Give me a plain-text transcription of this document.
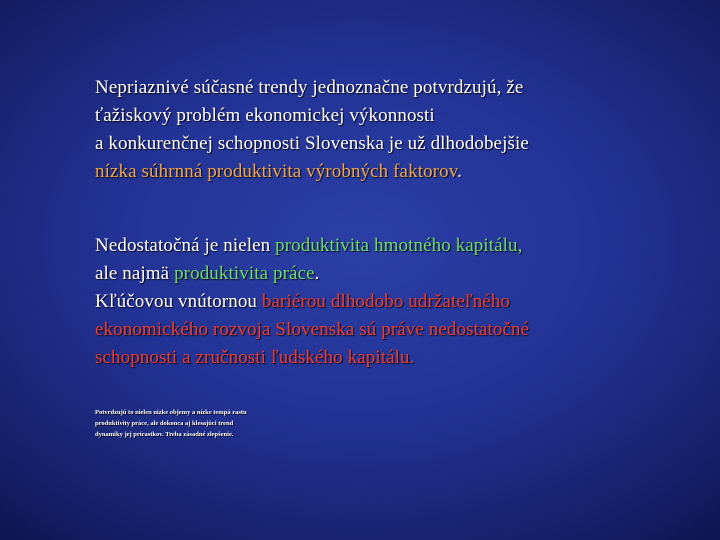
Nepriaznivé súčasné trendy jednoznačne potvrdzujú, že
ťažiskový problém ekonomickej výkonnosti
a konkurenčnej schopnosti Slovenska je už dlhodobejšie
nízka súhrnná produktivita výrobných faktorov.
Nedostatočná je nielen produktivita hmotného kapitálu,
ale najmä produktivita práce.
Kľúčovou vnútornou bariérou dlhodobo udržateľného
ekonomického rozvoja Slovenska sú práve nedostatočné
schopnosti a zručnosti ľudského kapitálu.
Potvrdzujú to nielen nízke objemy a nízke tempá rastu
produktivity práce, ale dokonca aj klesajúci trend
dynamiky jej prírastkov. Treba zásadné zlepšenie.
